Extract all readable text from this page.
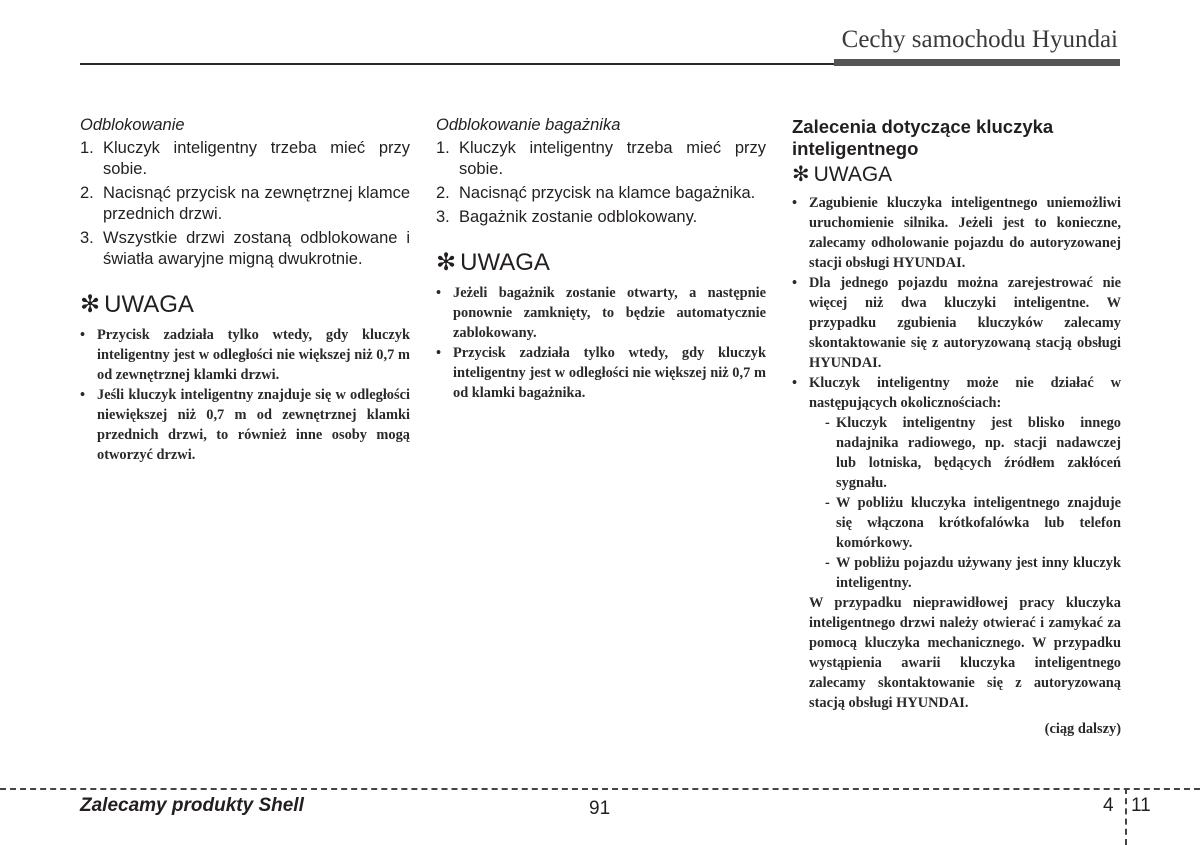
Cechy samochodu Hyundai
Odblokowanie
1. Kluczyk inteligentny trzeba mieć przy sobie.
2. Nacisnąć przycisk na zewnętrznej klamce przednich drzwi.
3. Wszystkie drzwi zostaną odblokowane i światła awaryjne migną dwukrotnie.
✻ UWAGA
• Przycisk zadziała tylko wtedy, gdy kluczyk inteligentny jest w odległości nie większej niż 0,7 m od zewnętrznej klamki drzwi.
• Jeśli kluczyk inteligentny znajduje się w odległości niewiększej niż 0,7 m od zewnętrznej klamki przednich drzwi, to również inne osoby mogą otworzyć drzwi.
Odblokowanie bagażnika
1. Kluczyk inteligentny trzeba mieć przy sobie.
2. Nacisnąć przycisk na klamce bagażnika.
3. Bagażnik zostanie odblokowany.
✻ UWAGA
• Jeżeli bagażnik zostanie otwarty, a następnie ponownie zamknięty, to będzie automatycznie zablokowany.
• Przycisk zadziała tylko wtedy, gdy kluczyk inteligentny jest w odległości nie większej niż 0,7 m od klamki bagażnika.
Zalecenia dotyczące kluczyka inteligentnego
✻ UWAGA
• Zagubienie kluczyka inteligentnego uniemożliwi uruchomienie silnika. Jeżeli jest to konieczne, zalecamy odholowanie pojazdu do autoryzowanej stacji obsługi HYUNDAI.
• Dla jednego pojazdu można zarejestrować nie więcej niż dwa kluczyki inteligentne. W przypadku zgubienia kluczyków zalecamy skontaktowanie się z autoryzowaną stacją obsługi HYUNDAI.
• Kluczyk inteligentny może nie działać w następujących okolicznościach:
- Kluczyk inteligentny jest blisko innego nadajnika radiowego, np. stacji nadawczej lub lotniska, będących źródłem zakłóceń sygnału.
- W pobliżu kluczyka inteligentnego znajduje się włączona krótkofalówka lub telefon komórkowy.
- W pobliżu pojazdu używany jest inny kluczyk inteligentny.
W przypadku nieprawidłowej pracy kluczyka inteligentnego drzwi należy otwierać i zamykać za pomocą kluczyka mechanicznego. W przypadku wystąpienia awarii kluczyka inteligentnego zalecamy skontaktowanie się z autoryzowaną stacją obsługi HYUNDAI.
(ciąg dalszy)
Zalecamy produkty Shell	91	4 11
